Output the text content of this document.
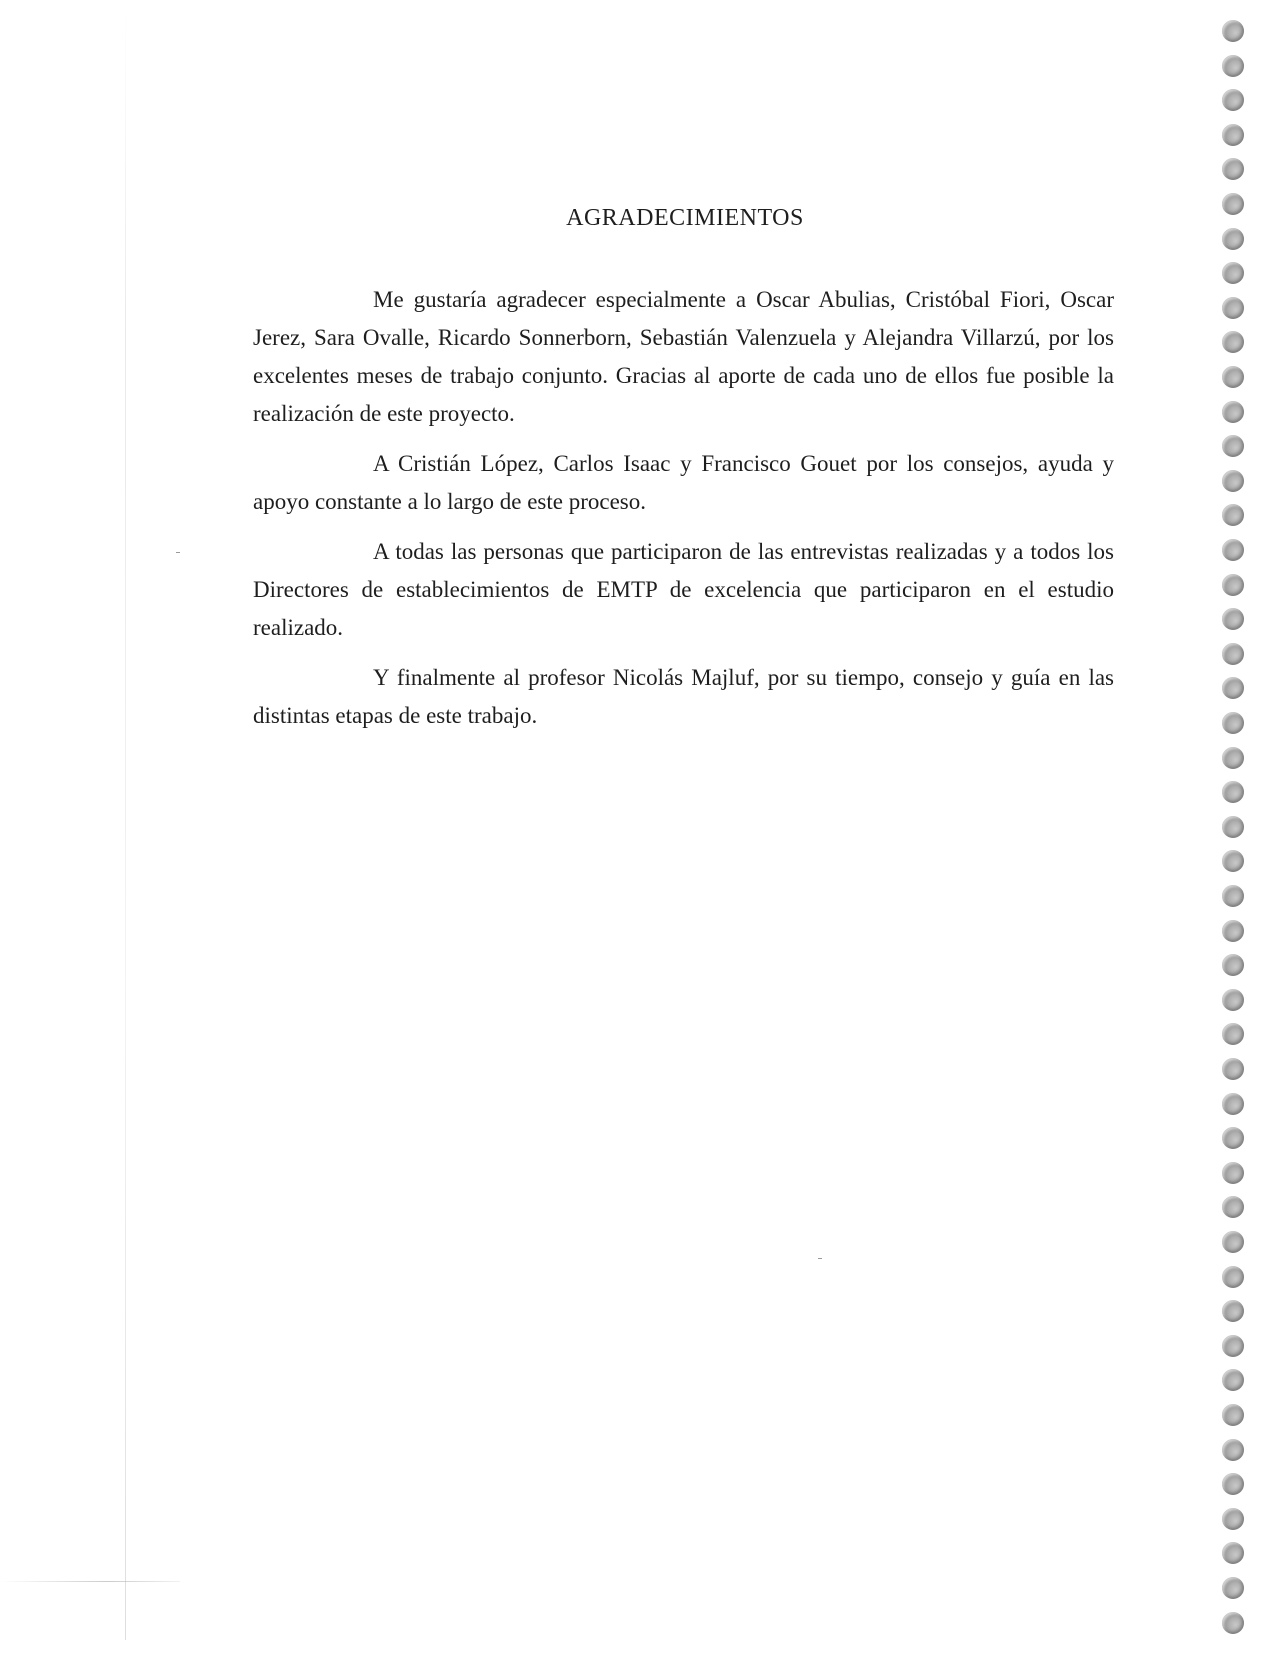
AGRADECIMIENTOS

Me gustaría agradecer especialmente a Oscar Abulias, Cristóbal Fiori, Oscar Jerez, Sara Ovalle, Ricardo Sonnerborn, Sebastián Valenzuela y Alejandra Villarzú, por los excelentes meses de trabajo conjunto. Gracias al aporte de cada uno de ellos fue posible la realización de este proyecto.

A Cristián López, Carlos Isaac y Francisco Gouet por los consejos, ayuda y apoyo constante a lo largo de este proceso.

A todas las personas que participaron de las entrevistas realizadas y a todos los Directores de establecimientos de EMTP de excelencia que participaron en el estudio realizado.

Y finalmente al profesor Nicolás Majluf, por su tiempo, consejo y guía en las distintas etapas de este trabajo.
